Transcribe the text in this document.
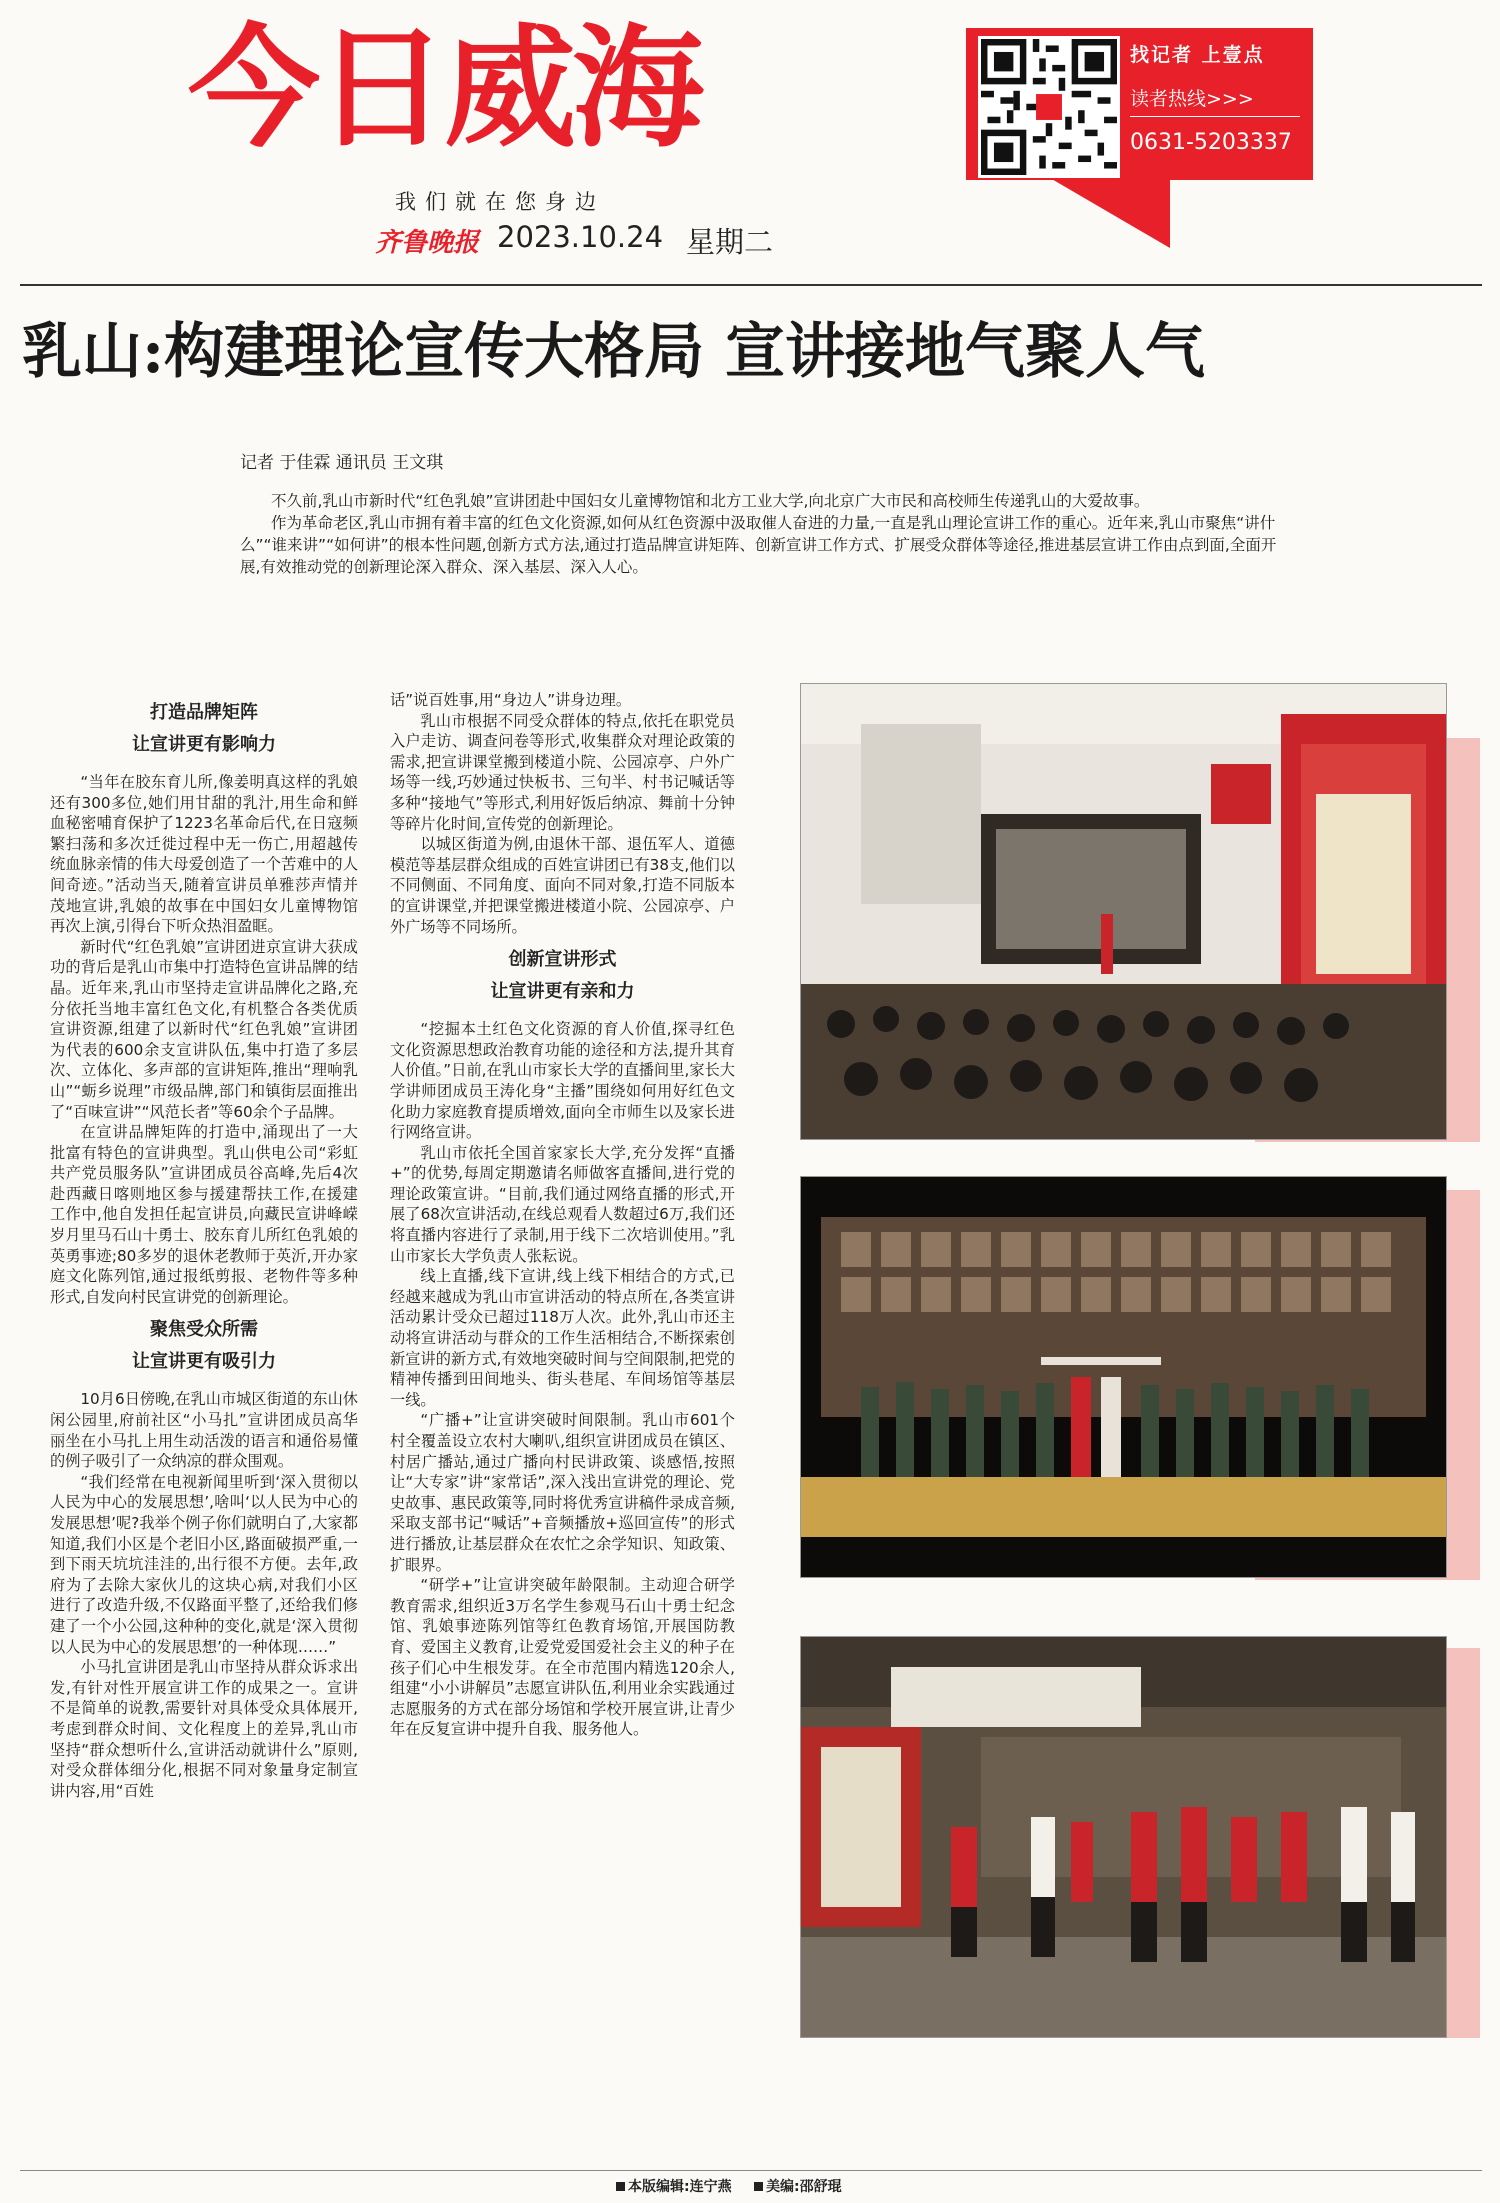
今日威海
我们就在您身边
齐鲁晚报 2023.10.24 星期二
找记者 上壹点
读者热线>>>
0631-5203337
乳山:构建理论宣传大格局 宣讲接地气聚人气
记者 于佳霖 通讯员 王文琪

不久前,乳山市新时代“红色乳娘”宣讲团赴中国妇女儿童博物馆和北方工业大学,向北京广大市民和高校师生传递乳山的大爱故事。

作为革命老区,乳山市拥有着丰富的红色文化资源,如何从红色资源中汲取催人奋进的力量,一直是乳山理论宣讲工作的重心。近年来,乳山市聚焦“讲什么”“谁来讲”“如何讲”的根本性问题,创新方式方法,通过打造品牌宣讲矩阵、创新宣讲工作方式、扩展受众群体等途径,推进基层宣讲工作由点到面,全面开展,有效推动党的创新理论深入群众、深入基层、深入人心。

打造品牌矩阵
让宣讲更有影响力

“当年在胶东育儿所,像姜明真这样的乳娘还有300多位,她们用甘甜的乳汁,用生命和鲜血秘密哺育保护了1223名革命后代,在日寇频繁扫荡和多次迁徙过程中无一伤亡,用超越传统血脉亲情的伟大母爱创造了一个苦难中的人间奇迹。”活动当天,随着宣讲员单雅莎声情并茂地宣讲,乳娘的故事在中国妇女儿童博物馆再次上演,引得台下听众热泪盈眶。

新时代“红色乳娘”宣讲团进京宣讲大获成功的背后是乳山市集中打造特色宣讲品牌的结晶。近年来,乳山市坚持走宣讲品牌化之路,充分依托当地丰富红色文化,有机整合各类优质宣讲资源,组建了以新时代“红色乳娘”宣讲团为代表的600余支宣讲队伍,集中打造了多层次、立体化、多声部的宣讲矩阵,推出“理响乳山”“蛎乡说理”市级品牌,部门和镇街层面推出了“百味宣讲”“风范长者”等60余个子品牌。

在宣讲品牌矩阵的打造中,涌现出了一大批富有特色的宣讲典型。乳山供电公司“彩虹共产党员服务队”宣讲团成员谷高峰,先后4次赴西藏日喀则地区参与援建帮扶工作,在援建工作中,他自发担任起宣讲员,向藏民宣讲峰嵘岁月里马石山十勇士、胶东育儿所红色乳娘的英勇事迹;80多岁的退休老教师于英沂,开办家庭文化陈列馆,通过报纸剪报、老物件等多种形式,自发向村民宣讲党的创新理论。

聚焦受众所需
让宣讲更有吸引力

10月6日傍晚,在乳山市城区街道的东山休闲公园里,府前社区“小马扎”宣讲团成员高华丽坐在小马扎上用生动活泼的语言和通俗易懂的例子吸引了一众纳凉的群众围观。

“我们经常在电视新闻里听到‘深入贯彻以人民为中心的发展思想’,啥叫‘以人民为中心的发展思想’呢?我举个例子你们就明白了,大家都知道,我们小区是个老旧小区,路面破损严重,一到下雨天坑坑洼洼的,出行很不方便。去年,政府为了去除大家伙儿的这块心病,对我们小区进行了改造升级,不仅路面平整了,还给我们修建了一个小公园,这种种的变化,就是‘深入贯彻以人民为中心的发展思想’的一种体现……”

小马扎宣讲团是乳山市坚持从群众诉求出发,有针对性开展宣讲工作的成果之一。宣讲不是简单的说教,需要针对具体受众具体展开,考虑到群众时间、文化程度上的差异,乳山市坚持“群众想听什么,宣讲活动就讲什么”原则,对受众群体细分化,根据不同对象量身定制宣讲内容,用“百姓

话”说百姓事,用“身边人”讲身边理。

乳山市根据不同受众群体的特点,依托在职党员入户走访、调查问卷等形式,收集群众对理论政策的需求,把宣讲课堂搬到楼道小院、公园凉亭、户外广场等一线,巧妙通过快板书、三句半、村书记喊话等多种“接地气”等形式,利用好饭后纳凉、舞前十分钟等碎片化时间,宣传党的创新理论。

以城区街道为例,由退休干部、退伍军人、道德模范等基层群众组成的百姓宣讲团已有38支,他们以不同侧面、不同角度、面向不同对象,打造不同版本的宣讲课堂,并把课堂搬进楼道小院、公园凉亭、户外广场等不同场所。

创新宣讲形式
让宣讲更有亲和力

“挖掘本土红色文化资源的育人价值,探寻红色文化资源思想政治教育功能的途径和方法,提升其育人价值。”日前,在乳山市家长大学的直播间里,家长大学讲师团成员王涛化身“主播”围绕如何用好红色文化助力家庭教育提质增效,面向全市师生以及家长进行网络宣讲。

乳山市依托全国首家家长大学,充分发挥“直播+”的优势,每周定期邀请名师做客直播间,进行党的理论政策宣讲。“目前,我们通过网络直播的形式,开展了68次宣讲活动,在线总观看人数超过6万,我们还将直播内容进行了录制,用于线下二次培训使用。”乳山市家长大学负责人张耘说。

线上直播,线下宣讲,线上线下相结合的方式,已经越来越成为乳山市宣讲活动的特点所在,各类宣讲活动累计受众已超过118万人次。此外,乳山市还主动将宣讲活动与群众的工作生活相结合,不断探索创新宣讲的新方式,有效地突破时间与空间限制,把党的精神传播到田间地头、街头巷尾、车间场馆等基层一线。

“广播+”让宣讲突破时间限制。乳山市601个村全覆盖设立农村大喇叭,组织宣讲团成员在镇区、村居广播站,通过广播向村民讲政策、谈感悟,按照让“大专家”讲“家常话”,深入浅出宣讲党的理论、党史故事、惠民政策等,同时将优秀宣讲稿件录成音频,采取支部书记“喊话”+音频播放+巡回宣传”的形式进行播放,让基层群众在农忙之余学知识、知政策、扩眼界。

“研学+”让宣讲突破年龄限制。主动迎合研学教育需求,组织近3万名学生参观马石山十勇士纪念馆、乳娘事迹陈列馆等红色教育场馆,开展国防教育、爱国主义教育,让爱党爱国爱社会主义的种子在孩子们心中生根发芽。在全市范围内精选120余人,组建“小小讲解员”志愿宣讲队伍,利用业余实践通过志愿服务的方式在部分场馆和学校开展宣讲,让青少年在反复宣讲中提升自我、服务他人。

本版编辑:连宁燕 美编:邵舒琨
